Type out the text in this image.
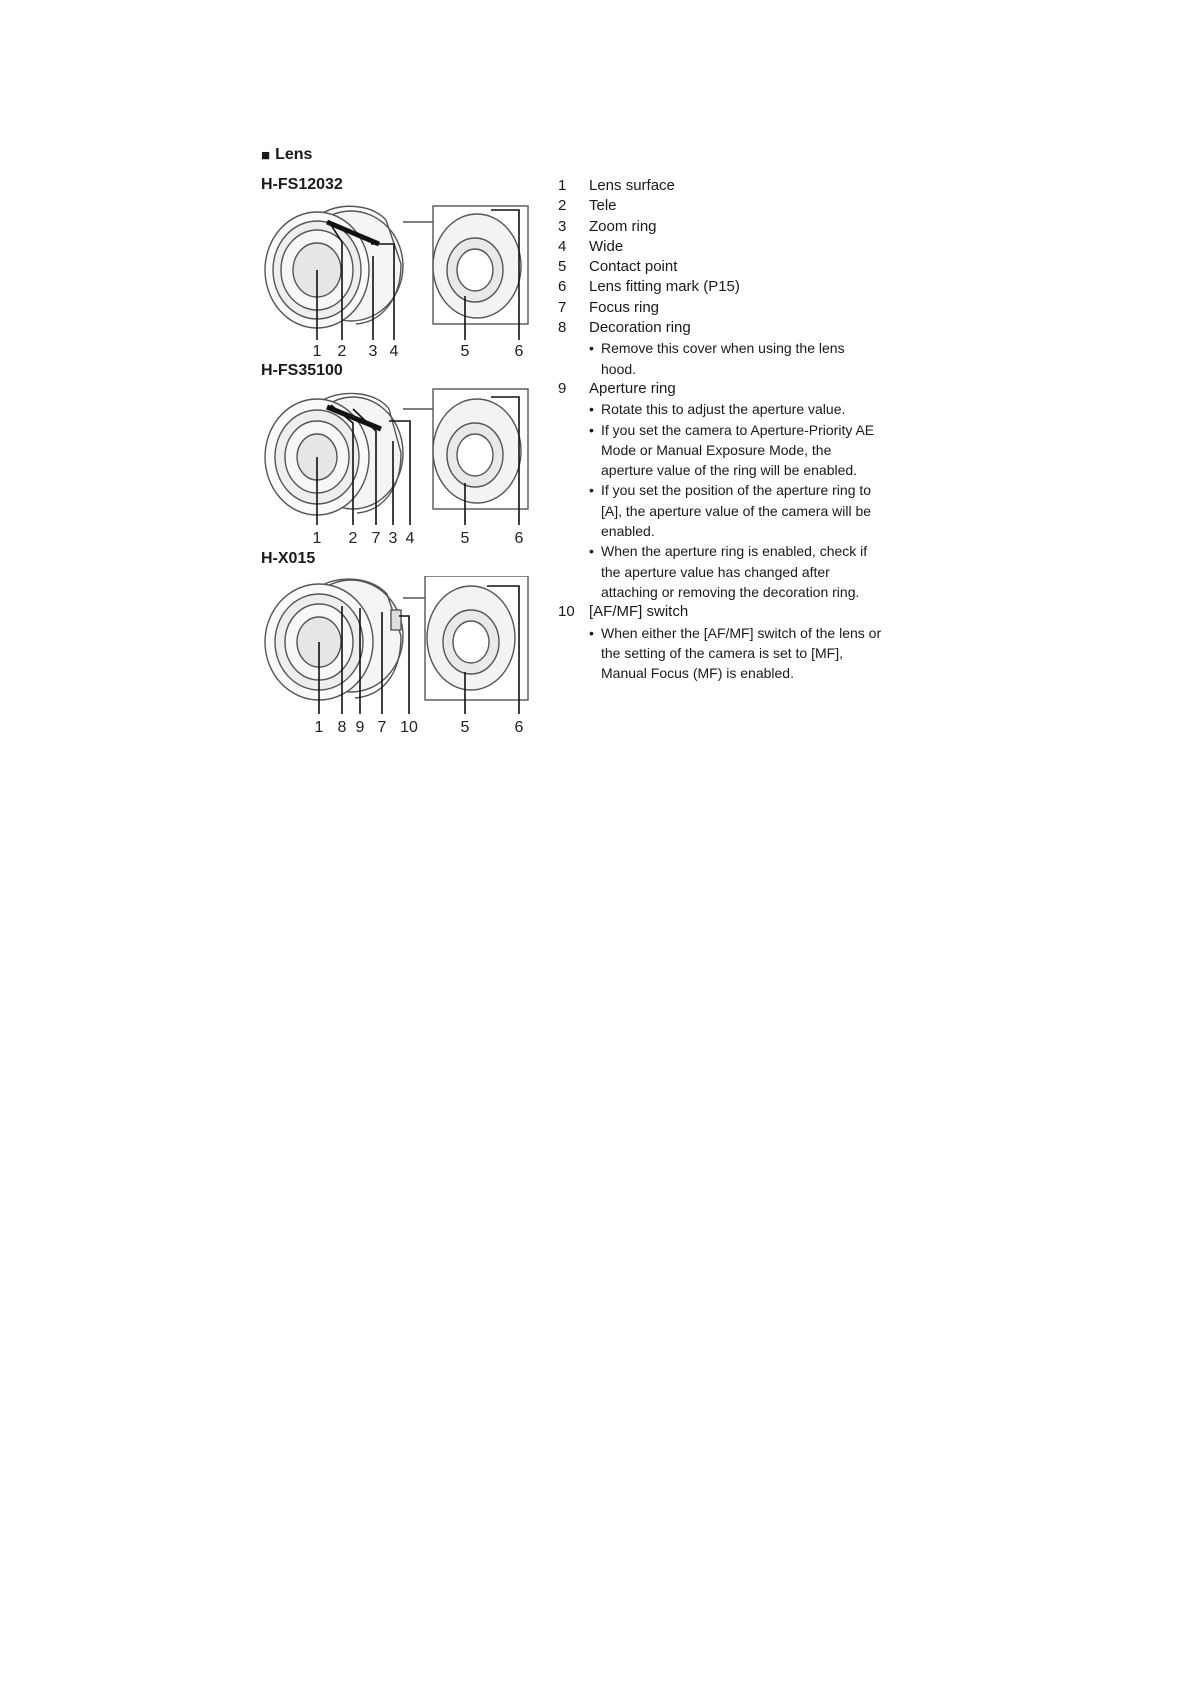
■ Lens
H-FS12032
H-FS35100
H-X015
1 2 3 4	5	6
1 2 7 3 4	5	6
1 8 9 7 10	5	6
1	Lens surface
2	Tele
3	Zoom ring
4	Wide
5	Contact point
6	Lens fitting mark (P15)
7	Focus ring
8	Decoration ring
• Remove this cover when using the lens
hood.
9	Aperture ring
• Rotate this to adjust the aperture value.
• If you set the camera to Aperture-Priority AE
Mode or Manual Exposure Mode, the
aperture value of the ring will be enabled.
• If you set the position of the aperture ring to
[A], the aperture value of the camera will be
enabled.
• When the aperture ring is enabled, check if
the aperture value has changed after
attaching or removing the decoration ring.
10 [AF/MF] switch
• When either the [AF/MF] switch of the lens or
the setting of the camera is set to [MF],
Manual Focus (MF) is enabled.
